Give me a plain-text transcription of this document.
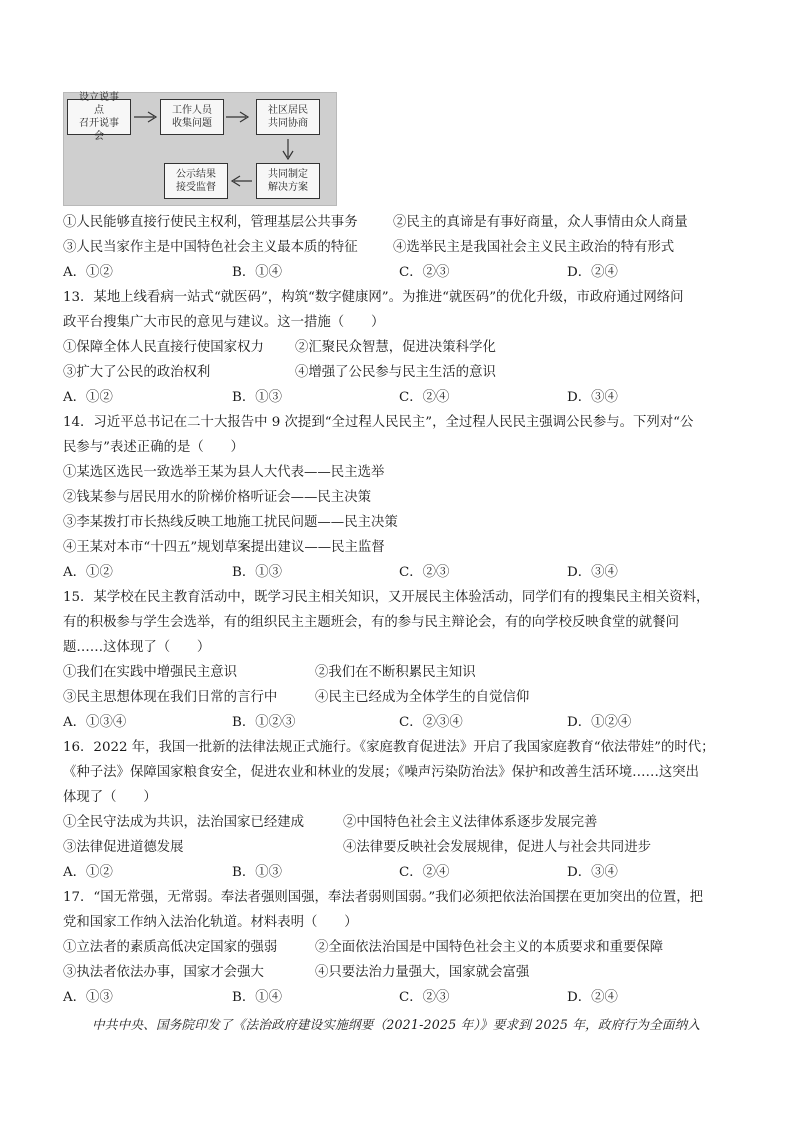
设立说事点
召开说事会
工作人员
收集问题
社区居民
共同协商
共同制定
解决方案
公示结果
接受监督
①人民能够直接行使民主权利，管理基层公共事务	②民主的真谛是有事好商量，众人事情由众人商量
③人民当家作主是中国特色社会主义最本质的特征	④选举民主是我国社会主义民主政治的特有形式
A．①②	B．①④	C．②③	D．②④
13．某地上线看病一站式“就医码”，构筑“数字健康网”。为推进“就医码”的优化升级，市政府通过网络问
政平台搜集广大市民的意见与建议。这一措施（　　）
①保障全体人民直接行使国家权力 ②汇聚民众智慧，促进决策科学化
③扩大了公民的政治权利	④增强了公民参与民主生活的意识
A．①②	B．①③	C．②④	D．③④
14．习近平总书记在二十大报告中 9 次提到“全过程人民民主”，全过程人民民主强调公民参与。下列对“公
民参与”表述正确的是（　　）
①某选区选民一致选举王某为县人大代表——民主选举
②钱某参与居民用水的阶梯价格听证会——民主决策
③李某拨打市长热线反映工地施工扰民问题——民主决策
④王某对本市“十四五”规划草案提出建议——民主监督
A．①②	B．①③	C．②③	D．③④
15．某学校在民主教育活动中，既学习民主相关知识，又开展民主体验活动，同学们有的搜集民主相关资料，
有的积极参与学生会选举，有的组织民主主题班会，有的参与民主辩论会，有的向学校反映食堂的就餐问
题……这体现了（　　）
①我们在实践中增强民主意识	②我们在不断积累民主知识
③民主思想体现在我们日常的言行中	④民主已经成为全体学生的自觉信仰
A．①③④	B．①②③	C．②③④	D．①②④
16．2022 年，我国一批新的法律法规正式施行。《家庭教育促进法》开启了我国家庭教育“依法带娃”的时代；
《种子法》保障国家粮食安全，促进农业和林业的发展；《噪声污染防治法》保护和改善生活环境……这突出
体现了（　　）
①全民守法成为共识，法治国家已经建成	②中国特色社会主义法律体系逐步发展完善
③法律促进道德发展	④法律要反映社会发展规律，促进人与社会共同进步
A．①②	B．①③	C．②④	D．③④
17．“国无常强，无常弱。奉法者强则国强，奉法者弱则国弱。”我们必须把依法治国摆在更加突出的位置，把
党和国家工作纳入法治化轨道。材料表明（　　）
①立法者的素质高低决定国家的强弱	②全面依法治国是中国特色社会主义的本质要求和重要保障
③执法者依法办事，国家才会强大	④只要法治力量强大，国家就会富强
A．①③	B．①④	C．②③	D．②④
中共中央、国务院印发了《法治政府建设实施纲要（2021-2025 年）》要求到 2025 年，政府行为全面纳入
